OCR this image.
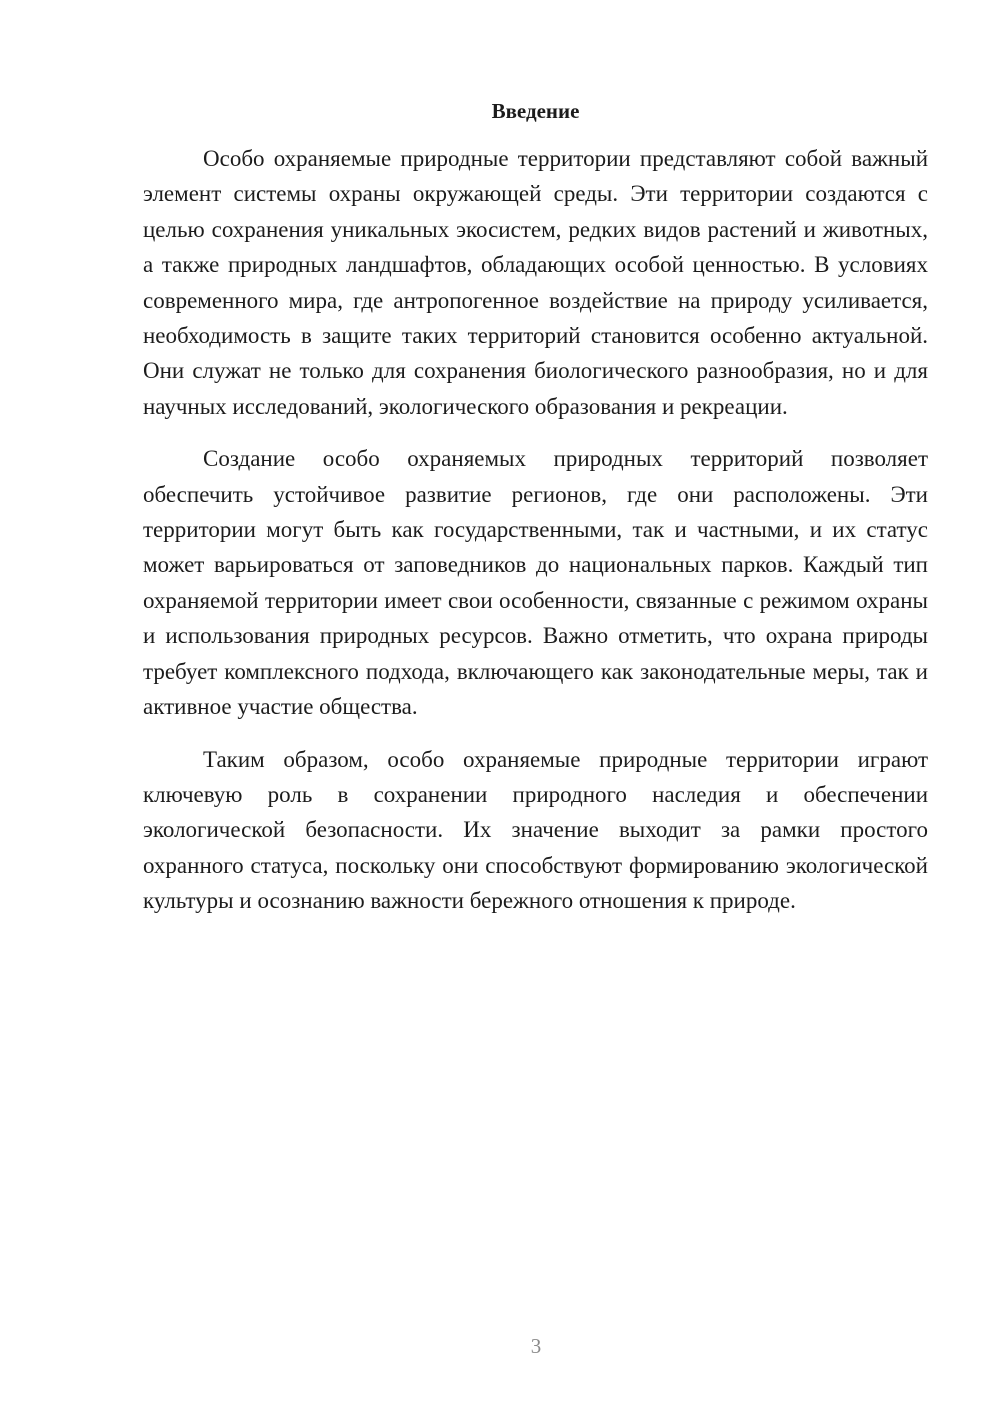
Введение

Особо охраняемые природные территории представляют собой важный элемент системы охраны окружающей среды. Эти территории создаются с целью сохранения уникальных экосистем, редких видов растений и животных, а также природных ландшафтов, обладающих особой ценностью. В условиях современного мира, где антропогенное воздействие на природу усиливается, необходимость в защите таких территорий становится особенно актуальной. Они служат не только для сохранения биологического разнообразия, но и для научных исследований, экологического образования и рекреации.

Создание особо охраняемых природных территорий позволяет обеспечить устойчивое развитие регионов, где они расположены. Эти территории могут быть как государственными, так и частными, и их статус может варьироваться от заповедников до национальных парков. Каждый тип охраняемой территории имеет свои особенности, связанные с режимом охраны и использования природных ресурсов. Важно отметить, что охрана природы требует комплексного подхода, включающего как законодательные меры, так и активное участие общества.

Таким образом, особо охраняемые природные территории играют ключевую роль в сохранении природного наследия и обеспечении экологической безопасности. Их значение выходит за рамки простого охранного статуса, поскольку они способствуют формированию экологической культуры и осознанию важности бережного отношения к природе.

3
